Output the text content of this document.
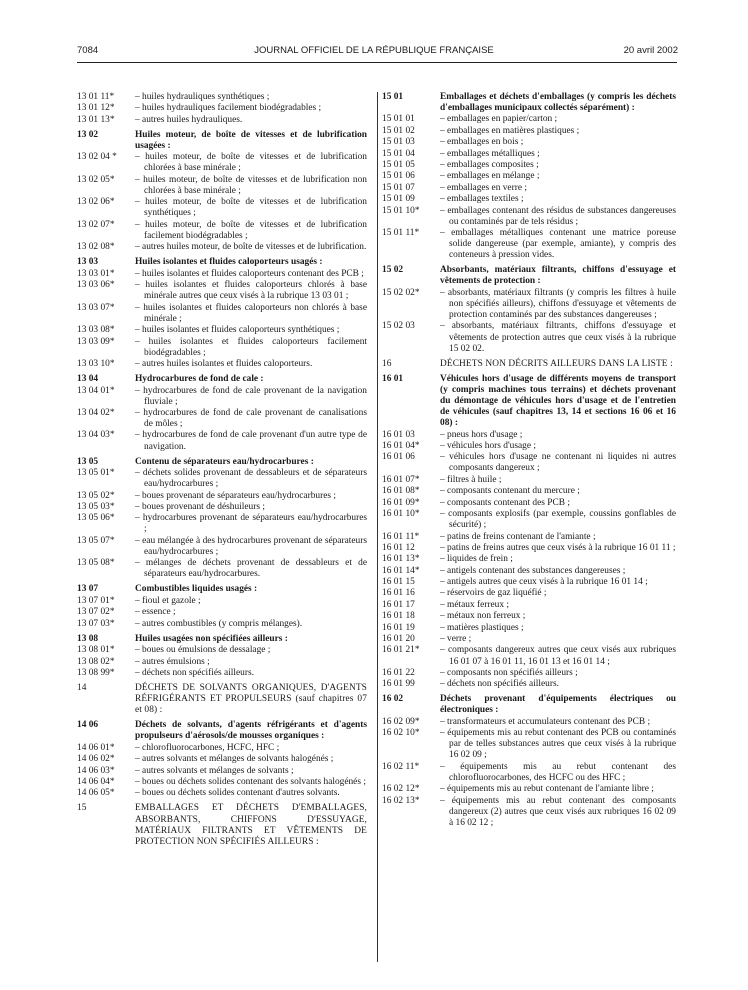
7084	JOURNAL OFFICIEL DE LA RÉPUBLIQUE FRANÇAISE	20 avril 2002
13 01 11*	– huiles hydrauliques synthétiques ;
13 01 12*	– huiles hydrauliques facilement biodégradables ;
13 01 13*	– autres huiles hydrauliques.
13 02	Huiles moteur, de boîte de vitesses et de lubrification usagées :
13 02 04 *	– huiles moteur, de boîte de vitesses et de lubrification chlorées à base minérale ;
13 02 05*	– huiles moteur, de boîte de vitesses et de lubrification non chlorées à base minérale ;
13 02 06*	– huiles moteur, de boîte de vitesses et de lubrification synthétiques ;
13 02 07*	– huiles moteur, de boîte de vitesses et de lubrification facilement biodégradables ;
13 02 08*	– autres huiles moteur, de boîte de vitesses et de lubrification.
13 03	Huiles isolantes et fluides caloporteurs usagés :
13 03 01*	– huiles isolantes et fluides caloporteurs contenant des PCB ;
13 03 06*	– huiles isolantes et fluides caloporteurs chlorés à base minérale autres que ceux visés à la rubrique 13 03 01 ;
13 03 07*	– huiles isolantes et fluides caloporteurs non chlorés à base minérale ;
13 03 08*	– huiles isolantes et fluides caloporteurs synthétiques ;
13 03 09*	– huiles isolantes et fluides caloporteurs facilement biodégradables ;
13 03 10*	– autres huiles isolantes et fluides caloporteurs.
13 04	Hydrocarbures de fond de cale :
13 04 01*	– hydrocarbures de fond de cale provenant de la navigation fluviale ;
13 04 02*	– hydrocarbures de fond de cale provenant de canalisations de môles ;
13 04 03*	– hydrocarbures de fond de cale provenant d'un autre type de navigation.
13 05	Contenu de séparateurs eau/hydrocarbures :
13 05 01*	– déchets solides provenant de dessableurs et de séparateurs eau/hydrocarbures ;
13 05 02*	– boues provenant de séparateurs eau/hydrocarbures ;
13 05 03*	– boues provenant de déshuileurs ;
13 05 06*	– hydrocarbures provenant de séparateurs eau/hydrocarbures ;
13 05 07*	– eau mélangée à des hydrocarbures provenant de séparateurs eau/hydrocarbures ;
13 05 08*	– mélanges de déchets provenant de dessableurs et de séparateurs eau/hydrocarbures.
13 07	Combustibles liquides usagés :
13 07 01*	– fioul et gazole ;
13 07 02*	– essence ;
13 07 03*	– autres combustibles (y compris mélanges).
13 08	Huiles usagées non spécifiées ailleurs :
13 08 01*	– boues ou émulsions de dessalage ;
13 08 02*	– autres émulsions ;
13 08 99*	– déchets non spécifiés ailleurs.
14	DÉCHETS DE SOLVANTS ORGANIQUES, D'AGENTS RÉFRIGÉRANTS ET PROPULSEURS (sauf chapitres 07 et 08) :
14 06	Déchets de solvants, d'agents réfrigérants et d'agents propulseurs d'aérosols/de mousses organiques :
14 06 01*	– chlorofluorocarbones, HCFC, HFC ;
14 06 02*	– autres solvants et mélanges de solvants halogénés ;
14 06 03*	– autres solvants et mélanges de solvants ;
14 06 04*	– boues ou déchets solides contenant des solvants halogénés ;
14 06 05*	– boues ou déchets solides contenant d'autres solvants.
15	EMBALLAGES ET DÉCHETS D'EMBALLAGES, ABSORBANTS, CHIFFONS D'ESSUYAGE, MATÉRIAUX FILTRANTS ET VÊTEMENTS DE PROTECTION NON SPÉCIFIÉS AILLEURS :
15 01	Emballages et déchets d'emballages (y compris les déchets d'emballages municipaux collectés séparément) :
15 01 01	– emballages en papier/carton ;
15 01 02	– emballages en matières plastiques ;
15 01 03	– emballages en bois ;
15 01 04	– emballages métalliques ;
15 01 05	– emballages composites ;
15 01 06	– emballages en mélange ;
15 01 07	– emballages en verre ;
15 01 09	– emballages textiles ;
15 01 10*	– emballages contenant des résidus de substances dangereuses ou contaminés par de tels résidus ;
15 01 11*	– emballages métalliques contenant une matrice poreuse solide dangereuse (par exemple, amiante), y compris des conteneurs à pression vides.
15 02	Absorbants, matériaux filtrants, chiffons d'essuyage et vêtements de protection :
15 02 02*	– absorbants, matériaux filtrants (y compris les filtres à huile non spécifiés ailleurs), chiffons d'essuyage et vêtements de protection contaminés par des substances dangereuses ;
15 02 03	– absorbants, matériaux filtrants, chiffons d'essuyage et vêtements de protection autres que ceux visés à la rubrique 15 02 02.
16	DÉCHETS NON DÉCRITS AILLEURS DANS LA LISTE :
16 01	Véhicules hors d'usage de différents moyens de transport (y compris machines tous terrains) et déchets provenant du démontage de véhicules hors d'usage et de l'entretien de véhicules (sauf chapitres 13, 14 et sections 16 06 et 16 08) :
16 01 03	– pneus hors d'usage ;
16 01 04*	– véhicules hors d'usage ;
16 01 06	– véhicules hors d'usage ne contenant ni liquides ni autres composants dangereux ;
16 01 07*	– filtres à huile ;
16 01 08*	– composants contenant du mercure ;
16 01 09*	– composants contenant des PCB ;
16 01 10*	– composants explosifs (par exemple, coussins gonflables de sécurité) ;
16 01 11*	– patins de freins contenant de l'amiante ;
16 01 12	– patins de freins autres que ceux visés à la rubrique 16 01 11 ;
16 01 13*	– liquides de frein ;
16 01 14*	– antigels contenant des substances dangereuses ;
16 01 15	– antigels autres que ceux visés à la rubrique 16 01 14 ;
16 01 16	– réservoirs de gaz liquéfié ;
16 01 17	– métaux ferreux ;
16 01 18	– métaux non ferreux ;
16 01 19	– matières plastiques ;
16 01 20	– verre ;
16 01 21*	– composants dangereux autres que ceux visés aux rubriques 16 01 07 à 16 01 11, 16 01 13 et 16 01 14 ;
16 01 22	– composants non spécifiés ailleurs ;
16 01 99	– déchets non spécifiés ailleurs.
16 02	Déchets provenant d'équipements électriques ou électroniques :
16 02 09*	– transformateurs et accumulateurs contenant des PCB ;
16 02 10*	– équipements mis au rebut contenant des PCB ou contaminés par de telles substances autres que ceux visés à la rubrique 16 02 09 ;
16 02 11*	– équipements mis au rebut contenant des chlorofluorocarbones, des HCFC ou des HFC ;
16 02 12*	– équipements mis au rebut contenant de l'amiante libre ;
16 02 13*	– équipements mis au rebut contenant des composants dangereux (2) autres que ceux visés aux rubriques 16 02 09 à 16 02 12 ;
